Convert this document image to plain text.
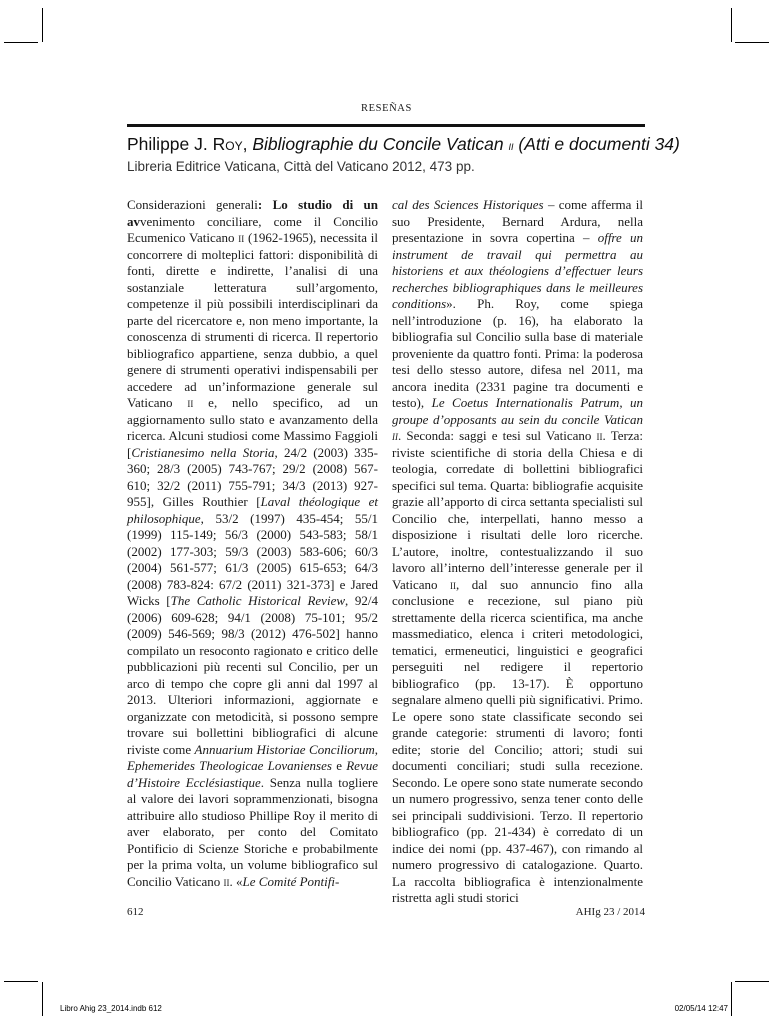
RESEÑAS
Philippe J. Roy, Bibliographie du Concile Vatican ii (Atti e documenti 34)
Libreria Editrice Vaticana, Città del Vaticano 2012, 473 pp.

Considerazioni generali: Lo studio di un avvenimento conciliare, come il Concilio Ecumenico Vaticano ii (1962-1965), necessita il concorrere di molteplici fattori: disponibilità di fonti, dirette e indirette, l’analisi di una sostanziale letteratura sull’argomento, competenze il più possibili interdisciplinari da parte del ricercatore e, non meno importante, la conoscenza di strumenti di ricerca. Il repertorio bibliografico appartiene, senza dubbio, a quel genere di strumenti operativi indispensabili per accedere ad un’informazione generale sul Vaticano ii e, nello specifico, ad un aggiornamento sullo stato e avanzamento della ricerca. Alcuni studiosi come Massimo Faggioli [Cristianesimo nella Storia, 24/2 (2003) 335-360; 28/3 (2005) 743-767; 29/2 (2008) 567-610; 32/2 (2011) 755-791; 34/3 (2013) 927-955], Gilles Routhier [Laval théologique et philosophique, 53/2 (1997) 435-454; 55/1 (1999) 115-149; 56/3 (2000) 543-583; 58/1 (2002) 177-303; 59/3 (2003) 583-606; 60/3 (2004) 561-577; 61/3 (2005) 615-653; 64/3 (2008) 783-824: 67/2 (2011) 321-373] e Jared Wicks [The Catholic Historical Review, 92/4 (2006) 609-628; 94/1 (2008) 75-101; 95/2 (2009) 546-569; 98/3 (2012) 476-502] hanno compilato un resoconto ragionato e critico delle pubblicazioni più recenti sul Concilio, per un arco di tempo che copre gli anni dal 1997 al 2013. Ulteriori informazioni, aggiornate e organizzate con metodicità, si possono sempre trovare sui bollettini bibliografici di alcune riviste come Annuarium Historiae Conciliorum, Ephemerides Theologicae Lovanienses e Revue d’Histoire Ecclésiastique. Senza nulla togliere al valore dei lavori soprammenzionati, bisogna attribuire allo studioso Phillipe Roy il merito di aver elaborato, per conto del Comitato Pontificio di Scienze Storiche e probabilmente per la prima volta, un volume bibliografico sul Concilio Vaticano ii. «Le Comité Pontifi-

cal des Sciences Historiques – come afferma il suo Presidente, Bernard Ardura, nella presentazione in sovra copertina – offre un instrument de travail qui permettra au historiens et aux théologiens d’effectuer leurs recherches bibliographiques dans le meilleures conditions». Ph. Roy, come spiega nell’introduzione (p. 16), ha elaborato la bibliografia sul Concilio sulla base di materiale proveniente da quattro fonti. Prima: la poderosa tesi dello stesso autore, difesa nel 2011, ma ancora inedita (2331 pagine tra documenti e testo), Le Coetus Internationalis Patrum, un groupe d’opposants au sein du concile Vatican ii. Seconda: saggi e tesi sul Vaticano ii. Terza: riviste scientifiche di storia della Chiesa e di teologia, corredate di bollettini bibliografici specifici sul tema. Quarta: bibliografie acquisite grazie all’apporto di circa settanta specialisti sul Concilio che, interpellati, hanno messo a disposizione i risultati delle loro ricerche. L’autore, inoltre, contestualizzando il suo lavoro all’interno dell’interesse generale per il Vaticano ii, dal suo annuncio fino alla conclusione e recezione, sul piano più strettamente della ricerca scientifica, ma anche massmediatico, elenca i criteri metodologici, tematici, ermeneutici, linguistici e geografici perseguiti nel redigere il repertorio bibliografico (pp. 13-17). È opportuno segnalare almeno quelli più significativi. Primo. Le opere sono state classificate secondo sei grande categorie: strumenti di lavoro; fonti edite; storie del Concilio; attori; studi sui documenti conciliari; studi sulla recezione. Secondo. Le opere sono state numerate secondo un numero progressivo, senza tener conto delle sei principali suddivisioni. Terzo. Il repertorio bibliografico (pp. 21-434) è corredato di un indice dei nomi (pp. 437-467), con rimando al numero progressivo di catalogazione. Quarto. La raccolta bibliografica è intenzionalmente ristretta agli studi storici

612	AHIg 23 / 2014
Libro Ahig 23_2014.indb 612	02/05/14 12:47
